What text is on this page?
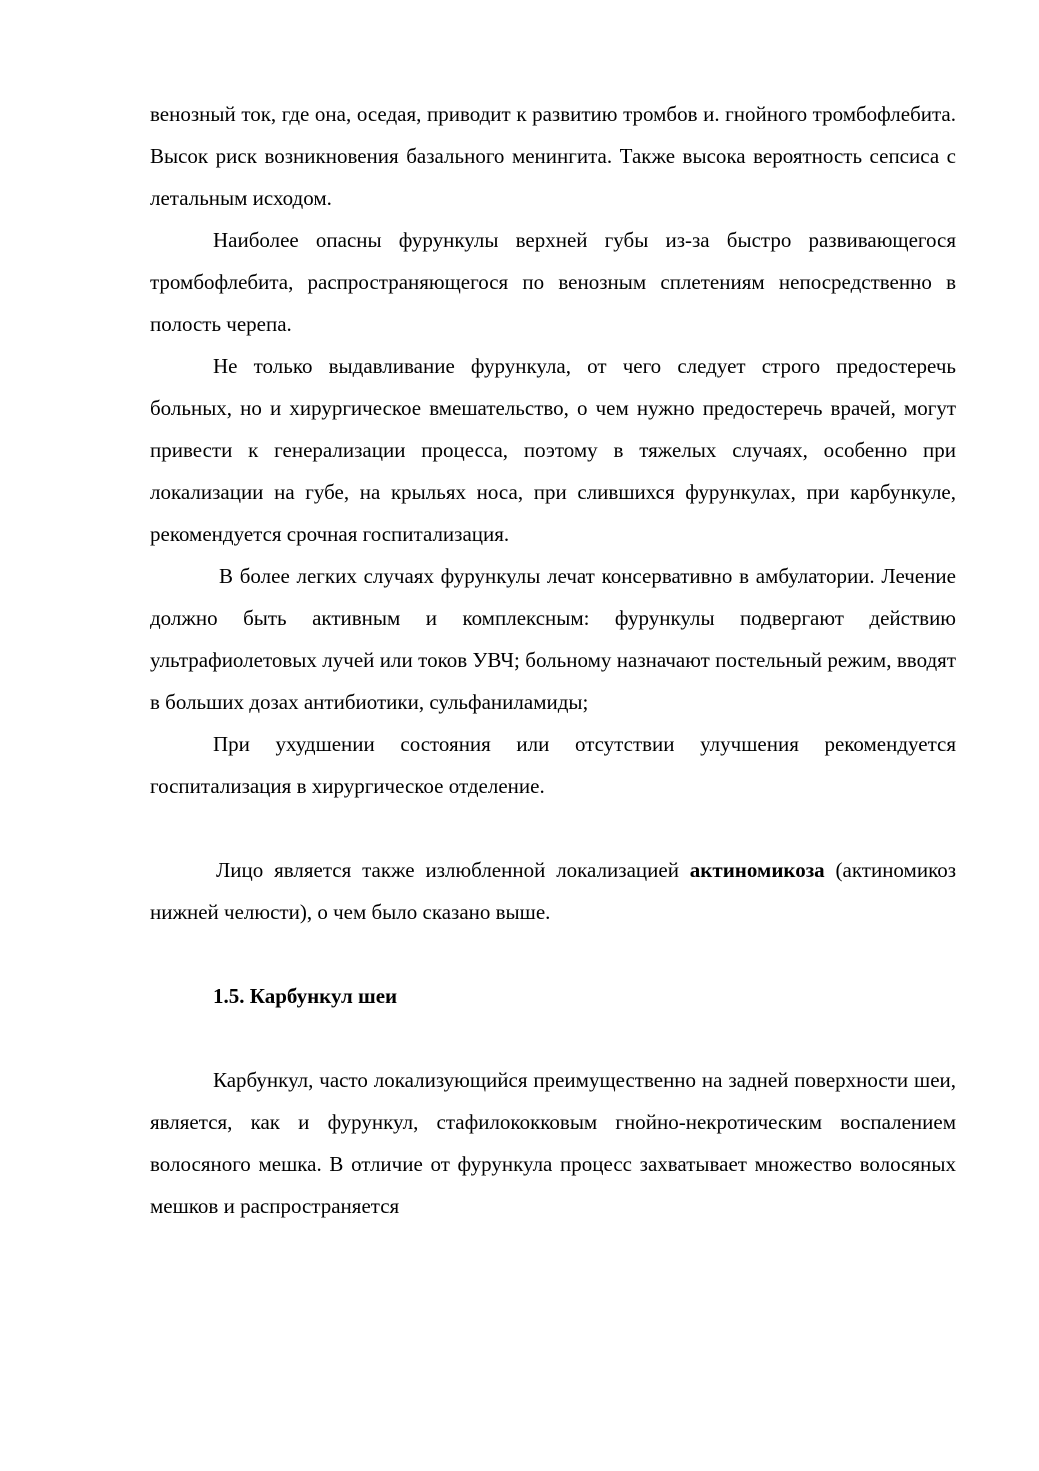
венозный ток, где она, оседая, приводит к развитию тромбов и. гнойного тромбофлебита. Высок риск возникновения базального менингита. Также высока вероятность сепсиса с летальным исходом.

Наиболее опасны фурункулы верхней губы из-за быстро развивающегося тромбофлебита, распространяющегося по венозным сплетениям непосредственно в полость черепа.

Не только выдавливание фурункула, от чего следует строго предостеречь больных, но и хирургическое вмешательство, о чем нужно предостеречь врачей, могут привести к генерализации процесса, поэтому в тяжелых случаях, особенно при локализации на губе, на крыльях носа, при слившихся фурункулах, при карбункуле, рекомендуется срочная госпитализация.

В более легких случаях фурункулы лечат консервативно в амбулатории. Лечение должно быть активным и комплексным: фурункулы подвергают действию ультрафиолетовых лучей или токов УВЧ; больному назначают постельный режим, вводят в больших дозах антибиотики, сульфаниламиды;

При ухудшении состояния или отсутствии улучшения рекомендуется госпитализация в хирургическое отделение.

Лицо является также излюбленной локализацией актиномикоза (актиномикоз нижней челюсти), о чем было сказано выше.

1.5. Карбункул шеи

Карбункул, часто локализующийся преимущественно на задней поверхности шеи, является, как и фурункул, стафилококковым гнойно-некротическим воспалением волосяного мешка. В отличие от фурункула процесс захватывает множество волосяных мешков и распространяется
